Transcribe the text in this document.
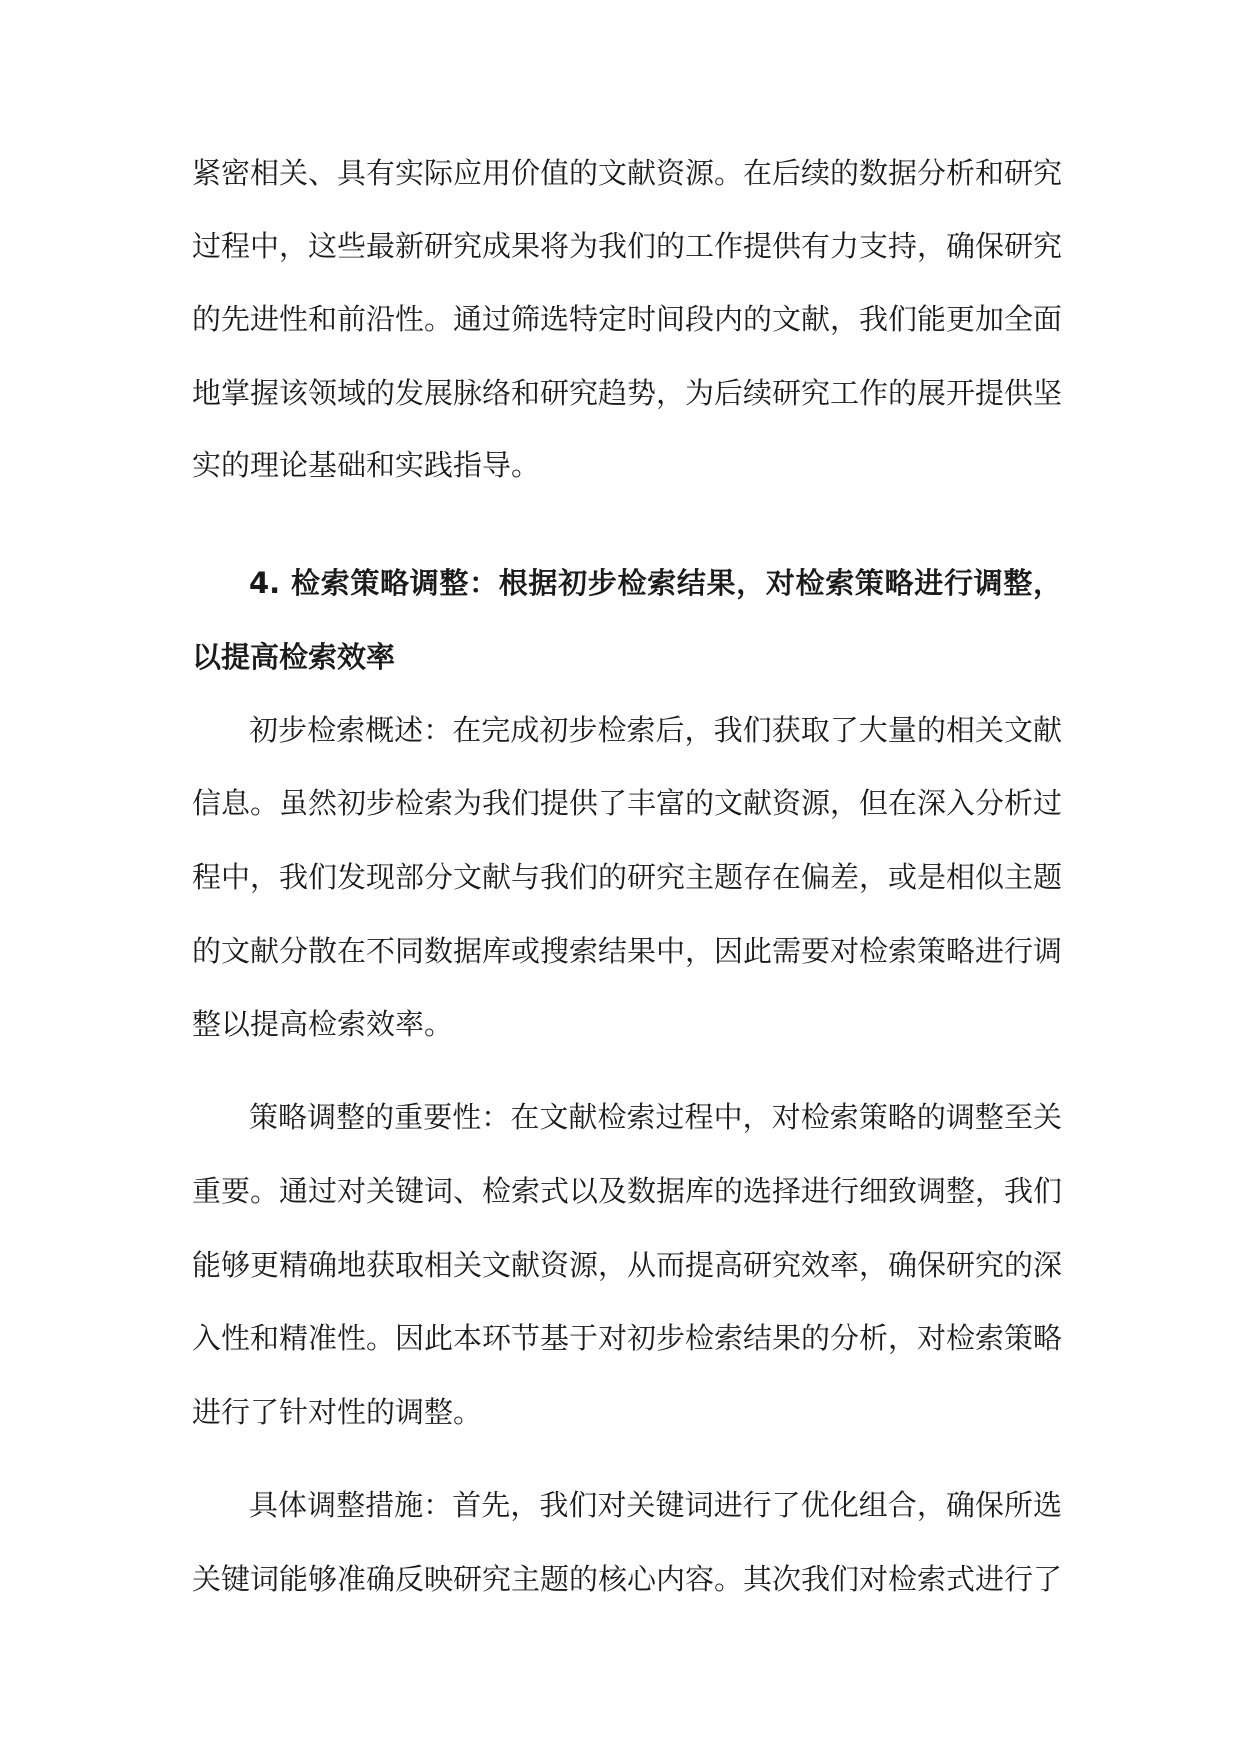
紧密相关、具有实际应用价值的文献资源。在后续的数据分析和研究
过程中，这些最新研究成果将为我们的工作提供有力支持，确保研究
的先进性和前沿性。通过筛选特定时间段内的文献，我们能更加全面
地掌握该领域的发展脉络和研究趋势，为后续研究工作的展开提供坚
实的理论基础和实践指导。
4. 检索策略调整：根据初步检索结果，对检索策略进行调整，
以提高检索效率
初步检索概述：在完成初步检索后，我们获取了大量的相关文献
信息。虽然初步检索为我们提供了丰富的文献资源，但在深入分析过
程中，我们发现部分文献与我们的研究主题存在偏差，或是相似主题
的文献分散在不同数据库或搜索结果中，因此需要对检索策略进行调
整以提高检索效率。
策略调整的重要性：在文献检索过程中，对检索策略的调整至关
重要。通过对关键词、检索式以及数据库的选择进行细致调整，我们
能够更精确地获取相关文献资源，从而提高研究效率，确保研究的深
入性和精准性。因此本环节基于对初步检索结果的分析，对检索策略
进行了针对性的调整。
具体调整措施：首先，我们对关键词进行了优化组合，确保所选
关键词能够准确反映研究主题的核心内容。其次我们对检索式进行了
